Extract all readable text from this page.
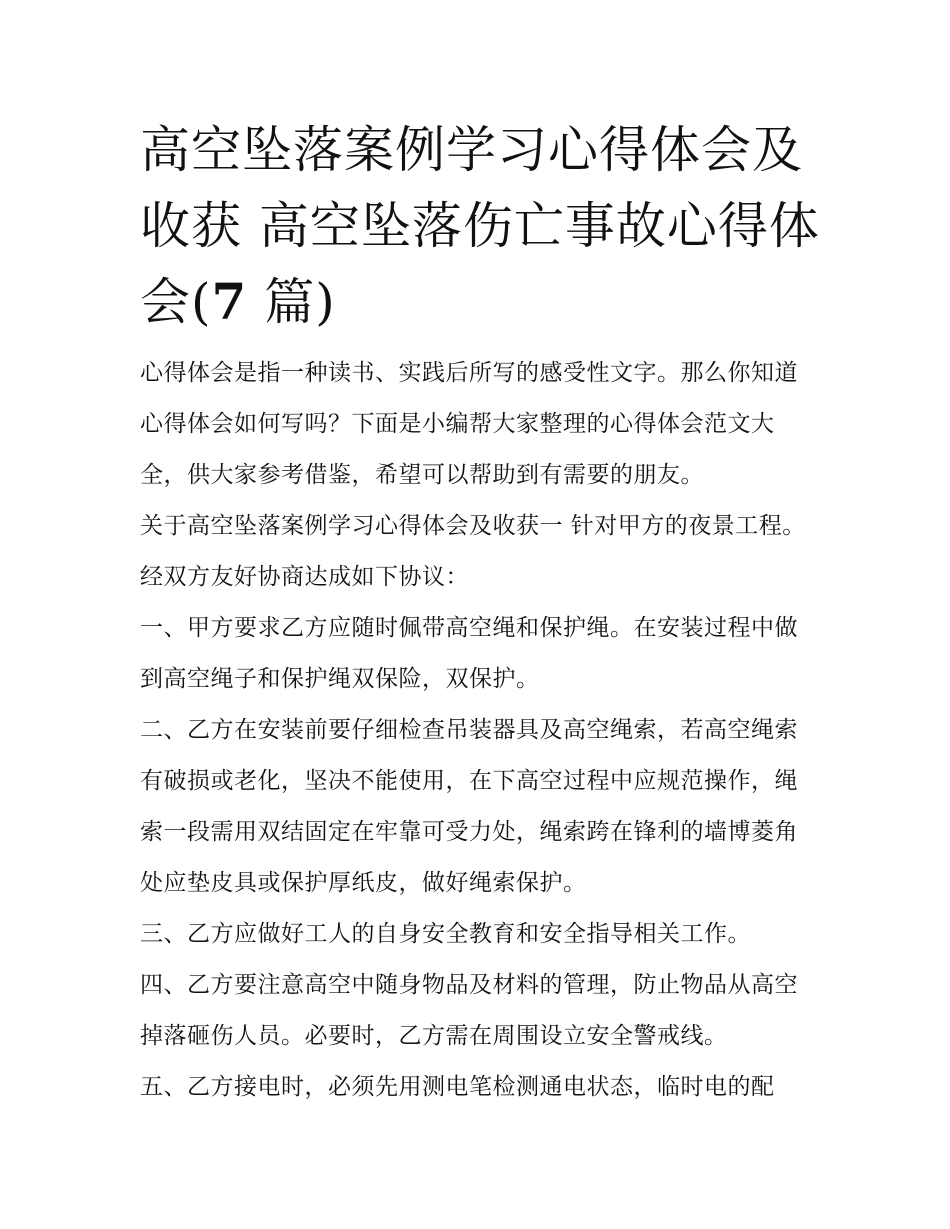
高空坠落案例学习心得体会及
收获 高空坠落伤亡事故心得体
会(7 篇)

心得体会是指一种读书、实践后所写的感受性文字。那么你知道心得体会如何写吗？下面是小编帮大家整理的心得体会范文大全，供大家参考借鉴，希望可以帮助到有需要的朋友。

关于高空坠落案例学习心得体会及收获一 针对甲方的夜景工程。经双方友好协商达成如下协议：

一、甲方要求乙方应随时佩带高空绳和保护绳。在安装过程中做到高空绳子和保护绳双保险，双保护。

二、乙方在安装前要仔细检查吊装器具及高空绳索，若高空绳索有破损或老化，坚决不能使用，在下高空过程中应规范操作，绳索一段需用双结固定在牢靠可受力处，绳索跨在锋利的墙博菱角处应垫皮具或保护厚纸皮，做好绳索保护。

三、乙方应做好工人的自身安全教育和安全指导相关工作。

四、乙方要注意高空中随身物品及材料的管理，防止物品从高空掉落砸伤人员。必要时，乙方需在周围设立安全警戒线。

五、乙方接电时，必须先用测电笔检测通电状态，临时电的配
